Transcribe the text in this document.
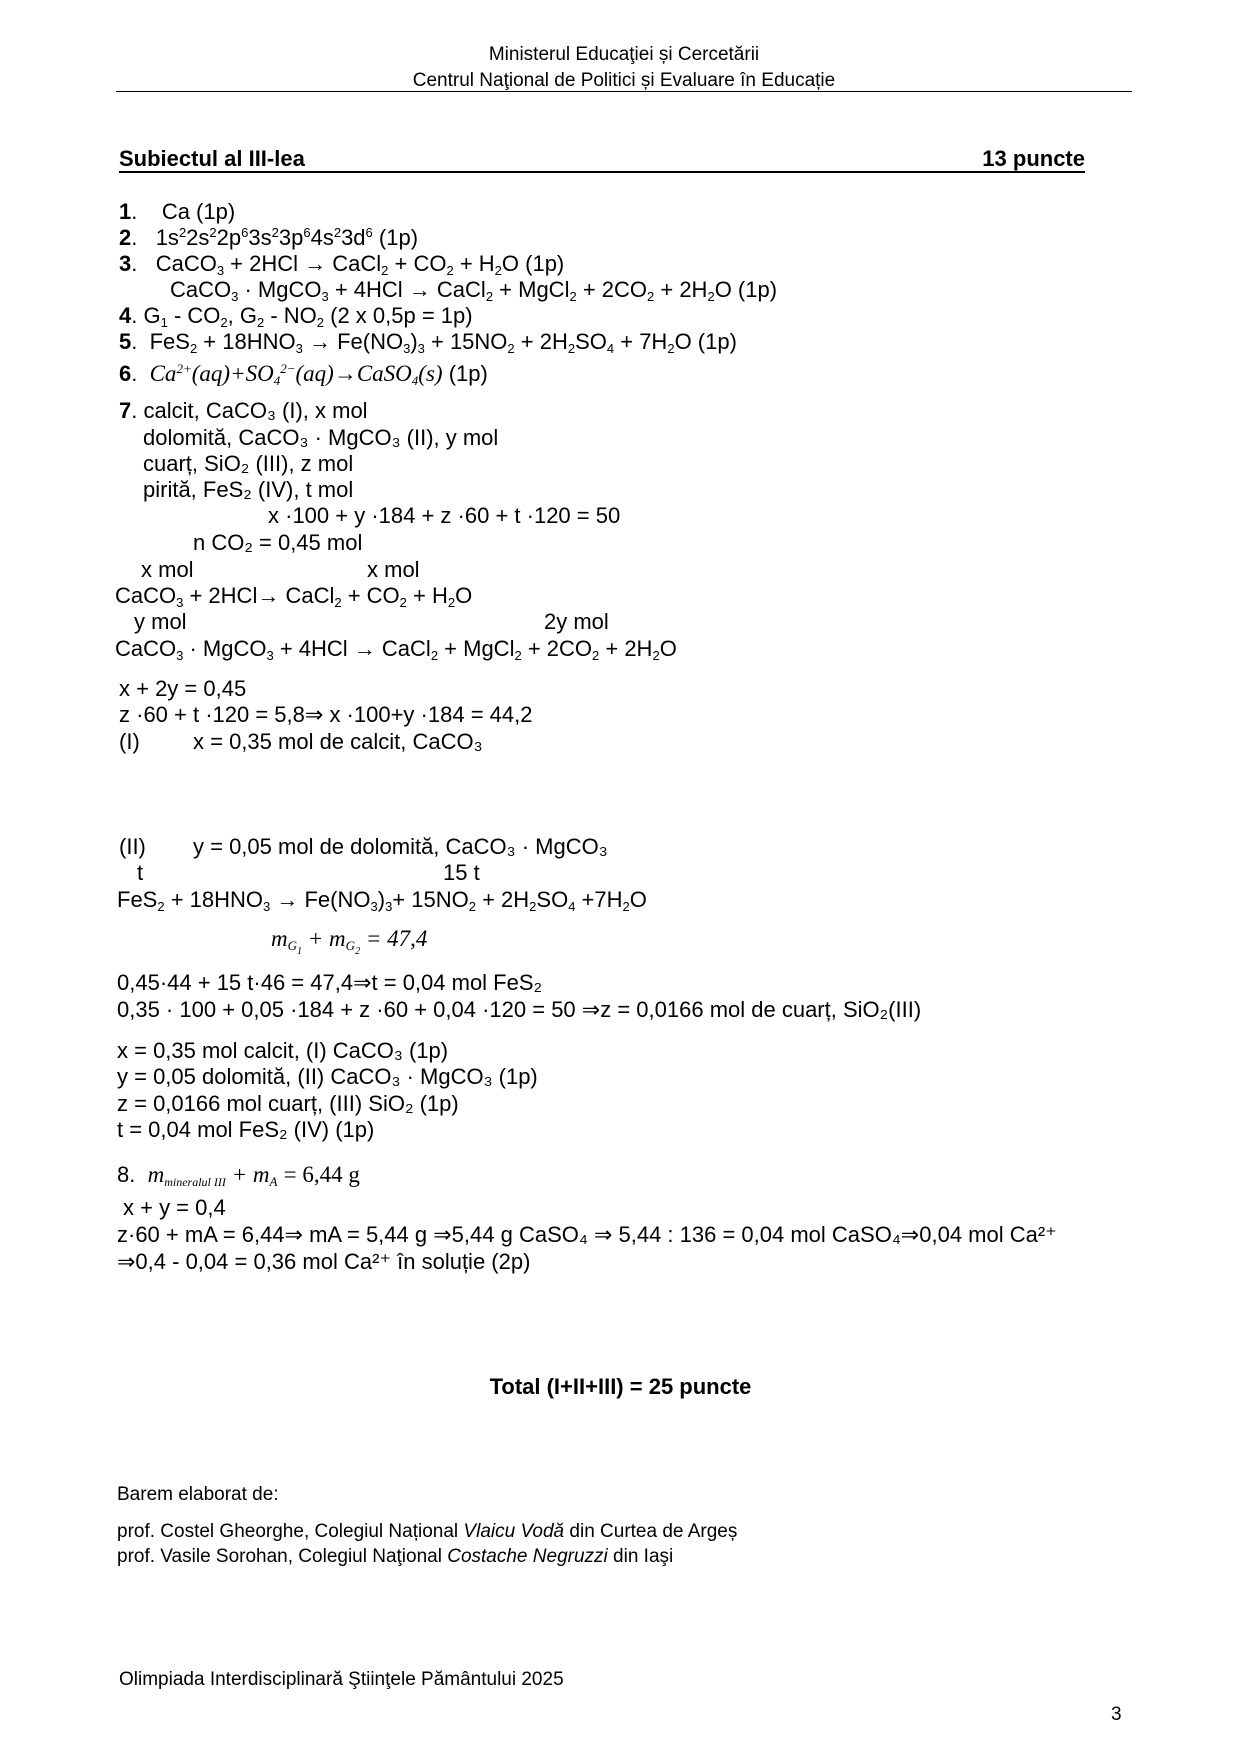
Ministerul Educaţiei și Cercetării
Centrul Naţional de Politici și Evaluare în Educație
Subiectul al III-lea	13 puncte
1.    Ca (1p)
2.   $1s^22s^22p^63s^23p^64s^23d^6$ (1p)
3.   CaCO$_3$ + 2HCl → CaCl$_2$ + $CO_2 + H_2O$ (1p)
CaCO$_3$ · MgCO$_3$ + 4HCl → CaCl$_2$ + MgCl$_2$ + $2CO_2 + 2H_2O$ (1p)
4. $G_1 - CO_2$, $G_2 - NO_2$ (2 x 0,5p = 1p)
5.  $FeS_2 + 18HNO_3 \to Fe(NO_3)_3 + 15NO_2 + 2H_2SO_4 + 7H_2O$ (1p)
6.  $Ca^{2+}(aq)+SO_4^{2-}(aq)\to CaSO_4(s)$ (1p)
7. calcit, CaCO₃ (I), x mol
dolomită, CaCO₃ · MgCO₃ (II), y mol
cuarț, SiO₂ (III), z mol
pirită, FeS₂ (IV), t mol
x ·100 + y ·184 + z ·60 + t ·120 = 50
n CO₂ = 0,45 mol
x mol	x mol
CaCO$_3$ + 2HCl→ CaCl$_2$ + $CO_2 + H_2O$
y mol	2y mol
CaCO$_3$ · MgCO$_3$ + 4HCl → CaCl$_2$ + MgCl$_2$ + $2CO_2 + 2H_2O$
x + 2y = 0,45
z ·60 + t ·120 = 5,8⇒ x ·100+y ·184 = 44,2
(I) x = 0,35 mol de calcit, CaCO₃
(II) y = 0,05 mol de dolomită, CaCO₃ · MgCO₃
t	15 t
$FeS_2 + 18HNO_3 \to Fe(NO_3)_3+ 15NO_2 + 2H_2SO_4 +7H_2O$
$m_{G_1} + m_{G_2} = 47,4$
0,45·44 + 15 t·46 = 47,4⇒t = 0,04 mol FeS₂
0,35 · 100 + 0,05 ·184 + z ·60 + 0,04 ·120 = 50 ⇒z = 0,0166 mol de cuarț, SiO₂(III)
x = 0,35 mol calcit, (I) CaCO₃ (1p)
y = 0,05 dolomită, (II) CaCO₃ · MgCO₃ (1p)
z = 0,0166 mol cuarț, (III) SiO₂ (1p)
t = 0,04 mol FeS₂ (IV) (1p)
8. $m_{mineralul III} + m_A = 6,44$ g
x + y = 0,4
z·60 + mA = 6,44⇒ mA = 5,44 g ⇒5,44 g CaSO₄ ⇒ 5,44 : 136 = 0,04 mol CaSO₄⇒0,04 mol Ca²⁺
⇒0,4 - 0,04 = 0,36 mol Ca²⁺ în soluție (2p)
Total (I+II+III) = 25 puncte
Barem elaborat de:
prof. Costel Gheorghe, Colegiul Național Vlaicu Vodă din Curtea de Argeș
prof. Vasile Sorohan, Colegiul Naţional Costache Negruzzi din Iaşi
Olimpiada Interdisciplinară Ştiinţele Pământului 2025
3
